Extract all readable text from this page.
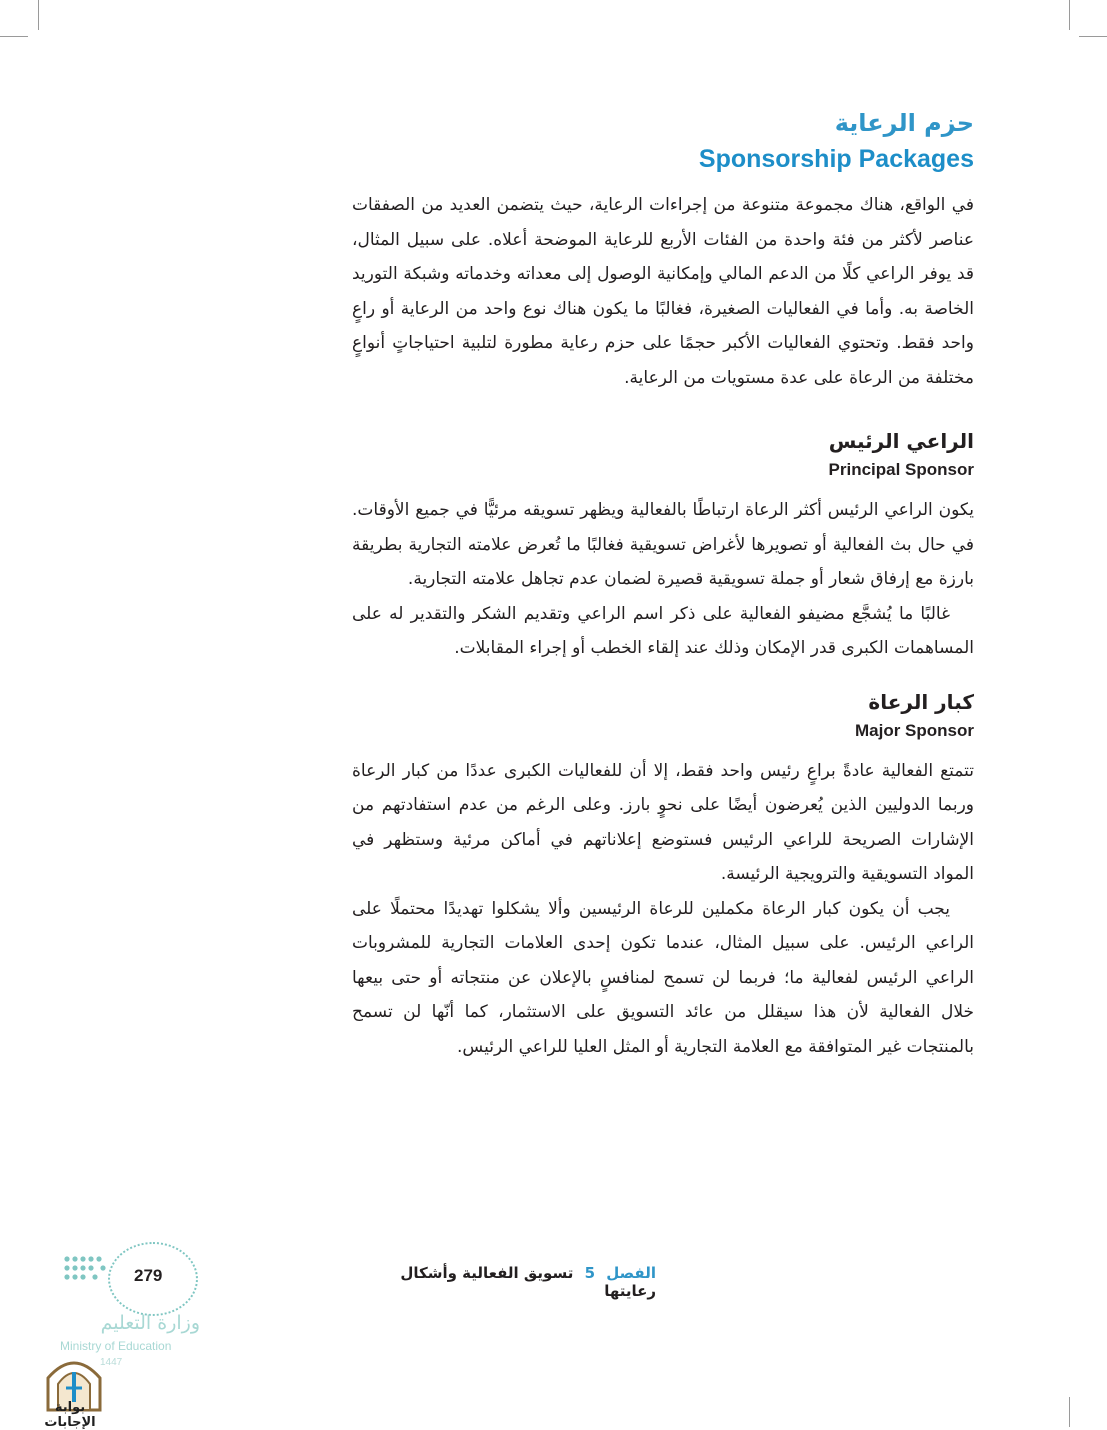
حزم الرعاية
Sponsorship Packages

في الواقع، هناك مجموعة متنوعة من إجراءات الرعاية، حيث يتضمن العديد من الصفقات عناصر لأكثر من فئة واحدة من الفئات الأربع للرعاية الموضحة أعلاه. على سبيل المثال، قد يوفر الراعي كلًا من الدعم المالي وإمكانية الوصول إلى معداته وخدماته وشبكة التوريد الخاصة به. وأما في الفعاليات الصغيرة، فغالبًا ما يكون هناك نوع واحد من الرعاية أو راعٍ واحد فقط. وتحتوي الفعاليات الأكبر حجمًا على حزم رعاية مطورة لتلبية احتياجاتٍ أنواعٍ مختلفة من الرعاة على عدة مستويات من الرعاية.

الراعي الرئيس
Principal Sponsor

يكون الراعي الرئيس أكثر الرعاة ارتباطًا بالفعالية ويظهر تسويقه مرئيًّا في جميع الأوقات. في حال بث الفعالية أو تصويرها لأغراض تسويقية فغالبًا ما تُعرض علامته التجارية بطريقة بارزة مع إرفاق شعار أو جملة تسويقية قصيرة لضمان عدم تجاهل علامته التجارية.

غالبًا ما يُشجَّع مضيفو الفعالية على ذكر اسم الراعي وتقديم الشكر والتقدير له على المساهمات الكبرى قدر الإمكان وذلك عند إلقاء الخطب أو إجراء المقابلات.

كبار الرعاة
Major Sponsor

تتمتع الفعالية عادةً براعٍ رئيس واحد فقط، إلا أن للفعاليات الكبرى عددًا من كبار الرعاة وربما الدوليين الذين يُعرضون أيضًا على نحوٍ بارز. وعلى الرغم من عدم استفادتهم من الإشارات الصريحة للراعي الرئيس فستوضع إعلاناتهم في أماكن مرئية وستظهر في المواد التسويقية والترويجية الرئيسة.

يجب أن يكون كبار الرعاة مكملين للرعاة الرئيسين وألا يشكلوا تهديدًا محتملًا على الراعي الرئيس. على سبيل المثال، عندما تكون إحدى العلامات التجارية للمشروبات الراعي الرئيس لفعالية ما؛ فربما لن تسمح لمنافسٍ بالإعلان عن منتجاته أو حتى بيعها خلال الفعالية لأن هذا سيقلل من عائد التسويق على الاستثمار، كما أنّها لن تسمح بالمنتجات غير المتوافقة مع العلامة التجارية أو المثل العليا للراعي الرئيس.

الفصل 5 تسويق الفعالية وأشكال رعايتها
279
وزارة التعليم
Ministry of Education
1447
بوابة الإجابات
